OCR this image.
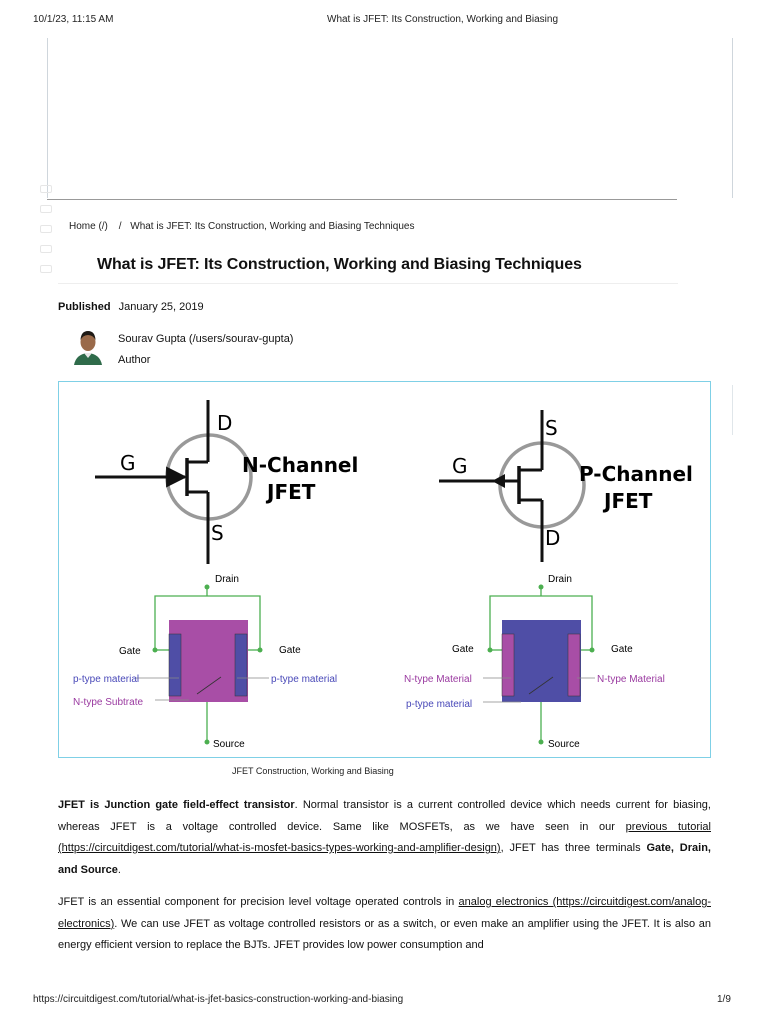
10/1/23, 11:15 AM	What is JFET: Its Construction, Working and Biasing
Home (/) / What is JFET: Its Construction, Working and Biasing Techniques
What is JFET: Its Construction, Working and Biasing Techniques
Published January 25, 2019
Sourav Gupta (/users/sourav-gupta)
Author
D
G
S
N-Channel
JFET
S
G
D
P-Channel
JFET
Drain
Gate	Gate
Source
p-type material
N-type Subtrate
p-type material
Drain
Gate	Gate
Source
N-type Material
p-type material
N-type Material
JFET Construction, Working and Biasing
JFET is Junction gate field-effect transistor. Normal transistor is a current controlled device which needs current for biasing, whereas JFET is a voltage controlled device. Same like MOSFETs, as we have seen in our previous tutorial (https://circuitdigest.com/tutorial/what-is-mosfet-basics-types-working-and-amplifier-design), JFET has three terminals Gate, Drain, and Source.
JFET is an essential component for precision level voltage operated controls in analog electronics (https://circuitdigest.com/analog-electronics). We can use JFET as voltage controlled resistors or as a switch, or even make an amplifier using the JFET. It is also an energy efficient version to replace the BJTs. JFET provides low power consumption and
https://circuitdigest.com/tutorial/what-is-jfet-basics-construction-working-and-biasing	1/9
